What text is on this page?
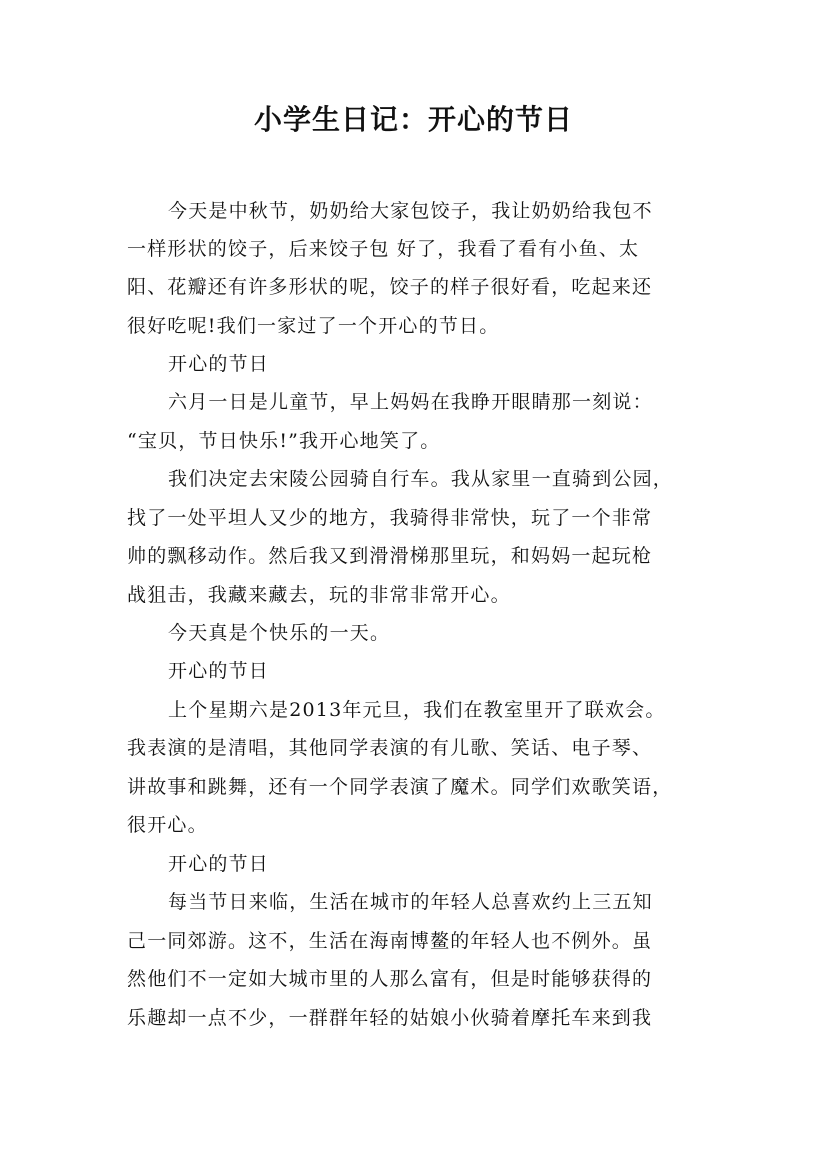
小学生日记：开心的节日
今天是中秋节，奶奶给大家包饺子，我让奶奶给我包不
一样形状的饺子，后来饺子包 好了，我看了看有小鱼、太
阳、花瓣还有许多形状的呢，饺子的样子很好看，吃起来还
很好吃呢!我们一家过了一个开心的节日。
开心的节日
六月一日是儿童节，早上妈妈在我睁开眼睛那一刻说：
“宝贝，节日快乐!”我开心地笑了。
我们决定去宋陵公园骑自行车。我从家里一直骑到公园，
找了一处平坦人又少的地方，我骑得非常快，玩了一个非常
帅的飘移动作。然后我又到滑滑梯那里玩，和妈妈一起玩枪
战狙击，我藏来藏去，玩的非常非常开心。
今天真是个快乐的一天。
开心的节日
上个星期六是2013年元旦，我们在教室里开了联欢会。
我表演的是清唱，其他同学表演的有儿歌、笑话、电子琴、
讲故事和跳舞，还有一个同学表演了魔术。同学们欢歌笑语，
很开心。
开心的节日
每当节日来临，生活在城市的年轻人总喜欢约上三五知
己一同郊游。这不，生活在海南博鳌的年轻人也不例外。虽
然他们不一定如大城市里的人那么富有，但是时能够获得的
乐趣却一点不少，一群群年轻的姑娘小伙骑着摩托车来到我
